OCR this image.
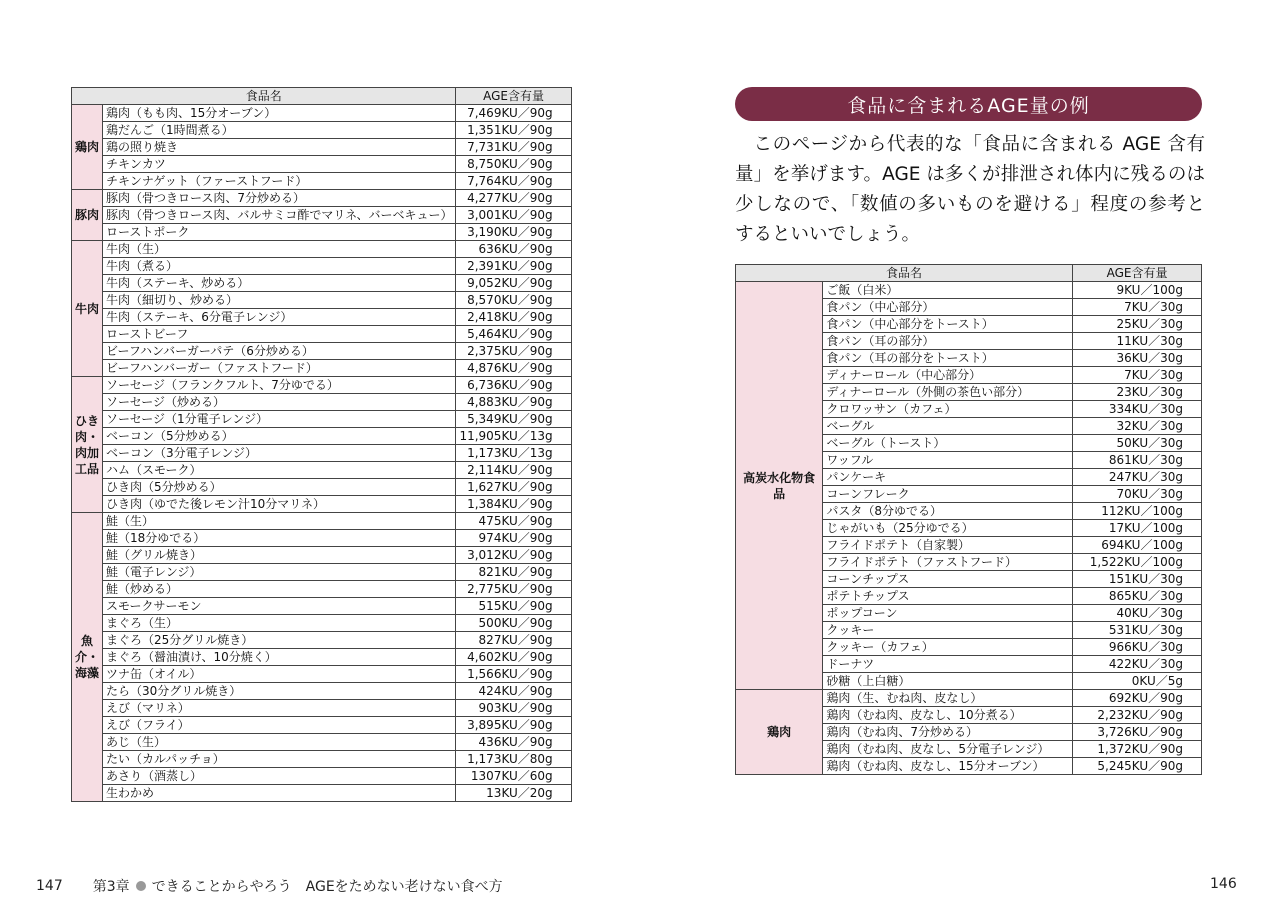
食品名		AGE含有量
鶏肉	鶏肉（もも肉、15分オーブン）	7,469KU／90g
	鶏だんご（1時間煮る）	1,351KU／90g
	鶏の照り焼き	7,731KU／90g
	チキンカツ	8,750KU／90g
	チキンナゲット（ファーストフード）	7,764KU／90g
豚肉	豚肉（骨つきロース肉、7分炒める）	4,277KU／90g
	豚肉（骨つきロース肉、バルサミコ酢でマリネ、バーベキュー）	3,001KU／90g
	ローストポーク	3,190KU／90g
牛肉	牛肉（生）	636KU／90g
	牛肉（煮る）	2,391KU／90g
	牛肉（ステーキ、炒める）	9,052KU／90g
	牛肉（細切り、炒める）	8,570KU／90g
	牛肉（ステーキ、6分電子レンジ）	2,418KU／90g
	ローストビーフ	5,464KU／90g
	ビーフハンバーガーパテ（6分炒める）	2,375KU／90g
	ビーフハンバーガー（ファストフード）	4,876KU／90g
ひき肉・肉加工品	ソーセージ（フランクフルト、7分ゆでる）	6,736KU／90g
	ソーセージ（炒める）	4,883KU／90g
	ソーセージ（1分電子レンジ）	5,349KU／90g
	ベーコン（5分炒める）	11,905KU／13g
	ベーコン（3分電子レンジ）	1,173KU／13g
	ハム（スモーク）	2,114KU／90g
	ひき肉（5分炒める）	1,627KU／90g
	ひき肉（ゆでた後レモン汁10分マリネ）	1,384KU／90g
魚介・海藻	鮭（生）	475KU／90g
	鮭（18分ゆでる）	974KU／90g
	鮭（グリル焼き）	3,012KU／90g
	鮭（電子レンジ）	821KU／90g
	鮭（炒める）	2,775KU／90g
	スモークサーモン	515KU／90g
	まぐろ（生）	500KU／90g
	まぐろ（25分グリル焼き）	827KU／90g
	まぐろ（醤油漬け、10分焼く）	4,602KU／90g
	ツナ缶（オイル）	1,566KU／90g
	たら（30分グリル焼き）	424KU／90g
	えび（マリネ）	903KU／90g
	えび（フライ）	3,895KU／90g
	あじ（生）	436KU／90g
	たい（カルパッチョ）	1,173KU／80g
	あさり（酒蒸し）	1307KU／60g
	生わかめ	13KU／20g
食品に含まれるAGE量の例

このページから代表的な「食品に含まれる AGE 含有量」を挙げます。AGE は多くが排泄され体内に残るのは少しなので、「数値の多いものを避ける」程度の参考とするといいでしょう。

食品名		AGE含有量
高炭水化物食品	ご飯（白米）	9KU／100g
	食パン（中心部分）	7KU／30g
	食パン（中心部分をトースト）	25KU／30g
	食パン（耳の部分）	11KU／30g
	食パン（耳の部分をトースト）	36KU／30g
	ディナーロール（中心部分）	7KU／30g
	ディナーロール（外側の茶色い部分）	23KU／30g
	クロワッサン（カフェ）	334KU／30g
	ベーグル	32KU／30g
	ベーグル（トースト）	50KU／30g
	ワッフル	861KU／30g
	パンケーキ	247KU／30g
	コーンフレーク	70KU／30g
	パスタ（8分ゆでる）	112KU／100g
	じゃがいも（25分ゆでる）	17KU／100g
	フライドポテト（自家製）	694KU／100g
	フライドポテト（ファストフード）	1,522KU／100g
	コーンチップス	151KU／30g
	ポテトチップス	865KU／30g
	ポップコーン	40KU／30g
	クッキー	531KU／30g
	クッキー（カフェ）	966KU／30g
	ドーナツ	422KU／30g
	砂糖（上白糖）	0KU／5g
鶏肉	鶏肉（生、むね肉、皮なし）	692KU／90g
	鶏肉（むね肉、皮なし、10分煮る）	2,232KU／90g
	鶏肉（むね肉、7分炒める）	3,726KU／90g
	鶏肉（むね肉、皮なし、5分電子レンジ）	1,372KU／90g
	鶏肉（むね肉、皮なし、15分オーブン）	5,245KU／90g
147 第3章 できることからやろう　AGEをためない老けない食べ方	146
